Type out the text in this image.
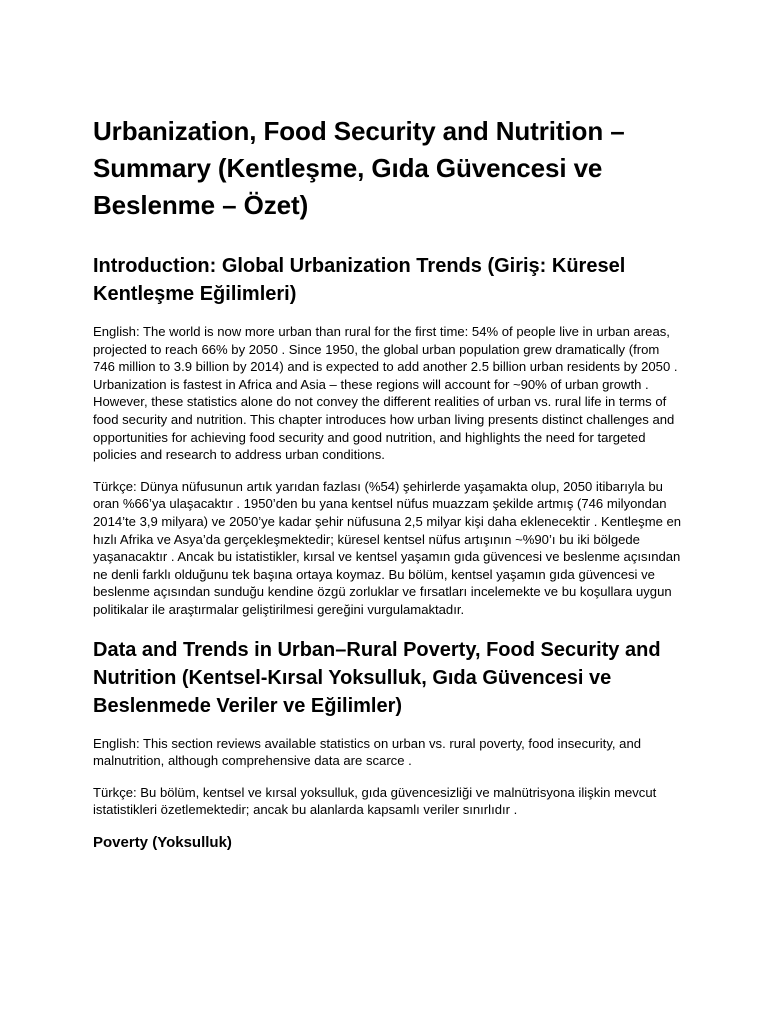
Urbanization, Food Security and Nutrition – Summary (Kentleşme, Gıda Güvencesi ve Beslenme – Özet)
Introduction: Global Urbanization Trends (Giriş: Küresel Kentleşme Eğilimleri)

English: The world is now more urban than rural for the first time: 54% of people live in urban areas, projected to reach 66% by 2050 . Since 1950, the global urban population grew dramatically (from 746 million to 3.9 billion by 2014) and is expected to add another 2.5 billion urban residents by 2050 . Urbanization is fastest in Africa and Asia – these regions will account for ~90% of urban growth . However, these statistics alone do not convey the different realities of urban vs. rural life in terms of food security and nutrition. This chapter introduces how urban living presents distinct challenges and opportunities for achieving food security and good nutrition, and highlights the need for targeted policies and research to address urban conditions.

Türkçe: Dünya nüfusunun artık yarıdan fazlası (%54) şehirlerde yaşamakta olup, 2050 itibarıyla bu oran %66’ya ulaşacaktır . 1950’den bu yana kentsel nüfus muazzam şekilde artmış (746 milyondan 2014’te 3,9 milyara) ve 2050’ye kadar şehir nüfusuna 2,5 milyar kişi daha eklenecektir . Kentleşme en hızlı Afrika ve Asya’da gerçekleşmektedir; küresel kentsel nüfus artışının ~%90’ı bu iki bölgede yaşanacaktır . Ancak bu istatistikler, kırsal ve kentsel yaşamın gıda güvencesi ve beslenme açısından ne denli farklı olduğunu tek başına ortaya koymaz. Bu bölüm, kentsel yaşamın gıda güvencesi ve beslenme açısından sunduğu kendine özgü zorluklar ve fırsatları incelemekte ve bu koşullara uygun politikalar ile araştırmalar geliştirilmesi gereğini vurgulamaktadır.

Data and Trends in Urban–Rural Poverty, Food Security and Nutrition (Kentsel-Kırsal Yoksulluk, Gıda Güvencesi ve Beslenmede Veriler ve Eğilimler)

English: This section reviews available statistics on urban vs. rural poverty, food insecurity, and malnutrition, although comprehensive data are scarce .

Türkçe: Bu bölüm, kentsel ve kırsal yoksulluk, gıda güvencesizliği ve malnütrisyona ilişkin mevcut istatistikleri özetlemektedir; ancak bu alanlarda kapsamlı veriler sınırlıdır .

Poverty (Yoksulluk)
